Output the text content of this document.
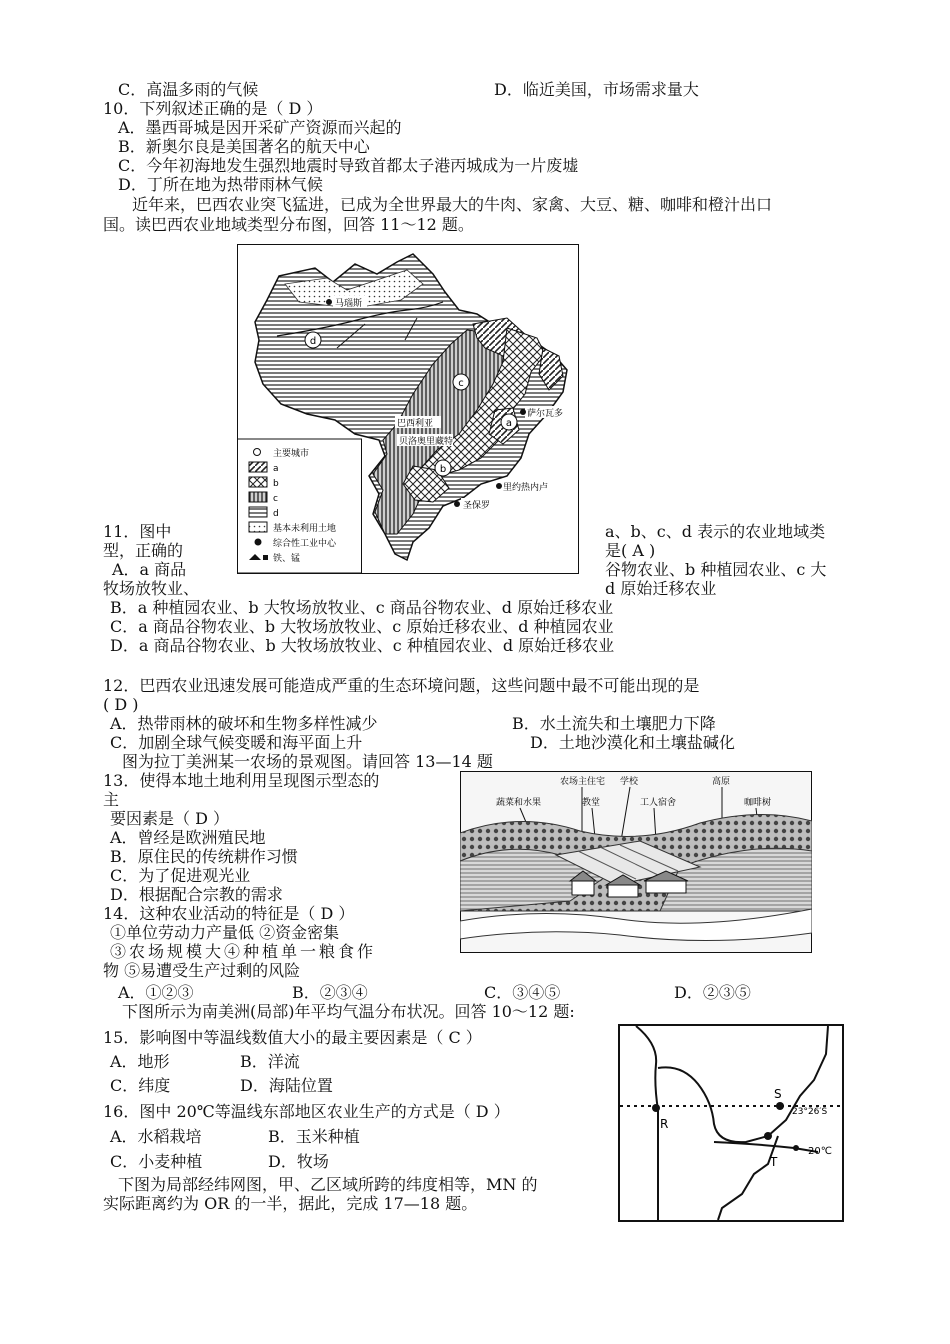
C．高温多雨的气候	D．临近美国，市场需求量大
10．下列叙述正确的是（ D ）
A．墨西哥城是因开采矿产资源而兴起的
B．新奥尔良是美国著名的航天中心
C．今年初海地发生强烈地震时导致首都太子港丙城成为一片废墟
D．丁所在地为热带雨林气候
近年来，巴西农业突飞猛进，已成为全世界最大的牛肉、家禽、大豆、糖、咖啡和橙汁出口
国。读巴西农业地域类型分布图，回答 11～12 题。
d
c
a
b
马瑙斯
萨尔瓦多
巴西利亚
贝洛奥里藏特
里约热内卢
圣保罗
主要城市
a
b
c
d
基本未利用土地
综合性工业中心
铁、锰
11．图中	a、b、c、d 表示的农业地域类
型，正确的	是( A )
A．a 商品	谷物农业、b 种植园农业、c 大
牧场放牧业、	d 原始迁移农业
B．a 种植园农业、b 大牧场放牧业、c 商品谷物农业、d 原始迁移农业
C．a 商品谷物农业、b 大牧场放牧业、c 原始迁移农业、d 种植园农业
D．a 商品谷物农业、b 大牧场放牧业、c 种植园农业、d 原始迁移农业
12．巴西农业迅速发展可能造成严重的生态环境问题，这些问题中最不可能出现的是
( D )
A．热带雨林的破坏和生物多样性减少	B．水土流失和土壤肥力下降
C．加剧全球气候变暖和海平面上升	D．土地沙漠化和土壤盐碱化
图为拉丁美洲某一农场的景观图。请回答 13—14 题
13．使得本地土地利用呈现图示型态的
主
要因素是（ D ）
A．曾经是欧洲殖民地
B．原住民的传统耕作习惯
C．为了促进观光业
D．根据配合宗教的需求
14．这种农业活动的特征是（ D ）
①单位劳动力产量低 ②资金密集
③农场规模大④种植单一粮食作
物 ⑤易遭受生产过剩的风险
农场主住宅 学校	高原
蔬菜和水果	教堂	工人宿舍	咖啡树
A．①②③	B．②③④	C．③④⑤	D．②③⑤
下图所示为南美洲(局部)年平均气温分布状况。回答 10～12 题:
15．影响图中等温线数值大小的最主要因素是（ C ）
A．地形	B．洋流
C．纬度	D．海陆位置
16．图中 20℃等温线东部地区农业生产的方式是（ D ）
A．水稻栽培	B．玉米种植
C．小麦种植	D．牧场
下图为局部经纬网图，甲、乙区域所跨的纬度相等，MN 的
实际距离约为 OR 的一半，据此，完成 17—18 题。
S
23°26′S
R
T
20℃
